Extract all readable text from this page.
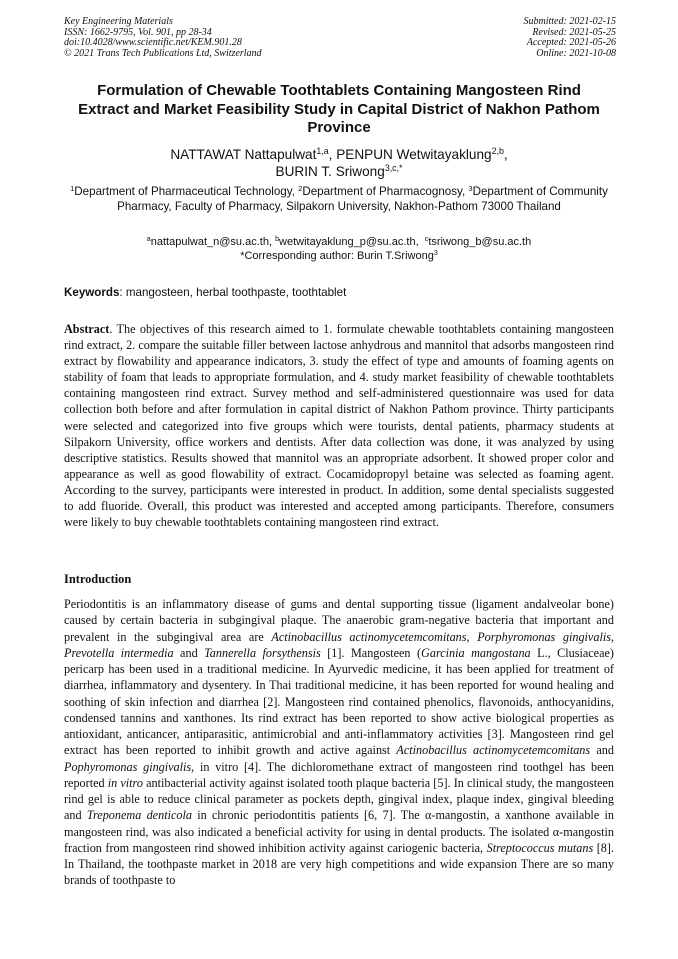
Key Engineering Materials
ISSN: 1662-9795, Vol. 901, pp 28-34
doi:10.4028/www.scientific.net/KEM.901.28
© 2021 Trans Tech Publications Ltd, Switzerland
Submitted: 2021-02-15
Revised: 2021-05-25
Accepted: 2021-05-26
Online: 2021-10-08
Formulation of Chewable Toothtablets Containing Mangosteen Rind Extract and Market Feasibility Study in Capital District of Nakhon Pathom Province
NATTAWAT Nattapulwat$^{1,a}$, PENPUN Wetwitayaklung$^{2,b}$,
BURIN T. Sriwong$^{3,c,*}$
$^1$Department of Pharmaceutical Technology, $^2$Department of Pharmacognosy, $^3$Department of Community Pharmacy, Faculty of Pharmacy, Silpakorn University, Nakhon-Pathom 73000 Thailand
$^a$nattapulwat_n@su.ac.th, $^b$wetwitayaklung_p@su.ac.th, $^c$tsriwong_b@su.ac.th
*Corresponding author: Burin T.Sriwong$^3$
Keywords: mangosteen, herbal toothpaste, toothtablet
Abstract. The objectives of this research aimed to 1. formulate chewable toothtablets containing mangosteen rind extract, 2. compare the suitable filler between lactose anhydrous and mannitol that adsorbs mangosteen rind extract by flowability and appearance indicators, 3. study the effect of type and amounts of foaming agents on stability of foam that leads to appropriate formulation, and 4. study market feasibility of chewable toothtablets containing mangosteen rind extract. Survey method and self-administered questionnaire was used for data collection both before and after formulation in capital district of Nakhon Pathom province. Thirty participants were selected and categorized into five groups which were tourists, dental patients, pharmacy students at Silpakorn University, office workers and dentists. After data collection was done, it was analyzed by using descriptive statistics. Results showed that mannitol was an appropriate adsorbent. It showed proper color and appearance as well as good flowability of extract. Cocamidopropyl betaine was selected as foaming agent. According to the survey, participants were interested in product. In addition, some dental specialists suggested to add fluoride. Overall, this product was interested and accepted among participants. Therefore, consumers were likely to buy chewable toothtablets containing mangosteen rind extract.
Introduction
Periodontitis is an inflammatory disease of gums and dental supporting tissue (ligament andalveolar bone) caused by certain bacteria in subgingival plaque. The anaerobic gram-negative bacteria that important and prevalent in the subgingival area are Actinobacillus actinomycetemcomitans, Porphyromonas gingivalis, Prevotella intermedia and Tannerella forsythensis [1]. Mangosteen (Garcinia mangostana L., Clusiaceae) pericarp has been used in a traditional medicine. In Ayurvedic medicine, it has been applied for treatment of diarrhea, inflammatory and dysentery. In Thai traditional medicine, it has been reported for wound healing and soothing of skin infection and diarrhea [2]. Mangosteen rind contained phenolics, flavonoids, anthocyanidins, condensed tannins and xanthones. Its rind extract has been reported to show active biological properties as antioxidant, anticancer, antiparasitic, antimicrobial and anti-inflammatory activities [3]. Mangosteen rind gel extract has been reported to inhibit growth and active against Actinobacillus actinomycetemcomitans and Pophyromonas gingivalis, in vitro [4]. The dichloromethane extract of mangosteen rind toothgel has been reported in vitro antibacterial activity against isolated tooth plaque bacteria [5]. In clinical study, the mangosteen rind gel is able to reduce clinical parameter as pockets depth, gingival index, plaque index, gingival bleeding and Treponema denticola in chronic periodontitis patients [6, 7]. The α-mangostin, a xanthone available in mangosteen rind, was also indicated a beneficial activity for using in dental products. The isolated α-mangostin fraction from mangosteen rind showed inhibition activity against cariogenic bacteria, Streptococcus mutans [8]. In Thailand, the toothpaste market in 2018 are very high competitions and wide expansion There are so many brands of toothpaste to
